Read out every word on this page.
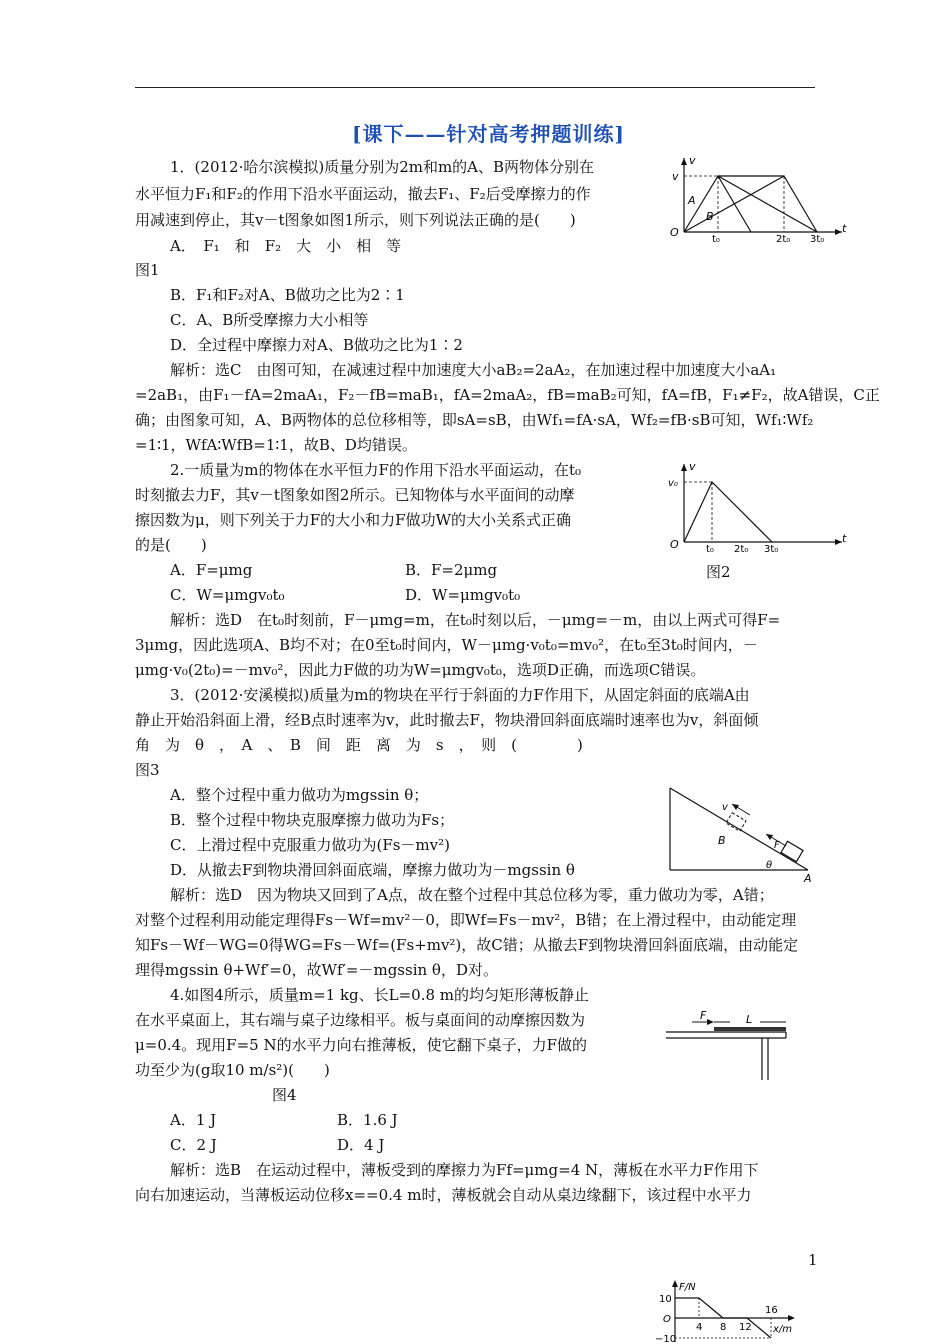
[课下——针对高考押题训练]
1．(2012·哈尔滨模拟)质量分别为2m和m的A、B两物体分别在
水平恒力F₁和F₂的作用下沿水平面运动，撤去F₁、F₂后受摩擦力的作
用减速到停止，其v－t图象如图1所示，则下列说法正确的是(　　)
A．　F₁　和　F₂　大　小　相　等
图1
B．F₁和F₂对A、B做功之比为2∶1
C．A、B所受摩擦力大小相等
D．全过程中摩擦力对A、B做功之比为1∶2
解析：选C　由图可知，在减速过程中加速度大小aB₂=2aA₂，在加速过程中加速度大小aA₁
=2aB₁，由F₁－fA=2maA₁，F₂－fB=maB₁，fA=2maA₂，fB=maB₂可知，fA=fB，F₁≠F₂，故A错误，C正
确；由图象可知，A、B两物体的总位移相等，即sA=sB，由Wf₁=fA·sA，Wf₂=fB·sB可知，Wf₁∶Wf₂
=1∶1，WfA∶WfB=1∶1，故B、D均错误。
2.一质量为m的物体在水平恒力F的作用下沿水平面运动，在t₀
时刻撤去力F，其v－t图象如图2所示。已知物体与水平面间的动摩
擦因数为μ，则下列关于力F的大小和力F做功W的大小关系式正确
的是(　　)
A．F=μmg	B．F=2μmg	图2
C．W=μmgv₀t₀	D．W=μmgv₀t₀
解析：选D　在t₀时刻前，F－μmg=m，在t₀时刻以后，－μmg=－m，由以上两式可得F=
3μmg，因此选项A、B均不对；在0至t₀时间内，W－μmg·v₀t₀=mv₀²，在t₀至3t₀时间内，－
μmg·v₀(2t₀)=－mv₀²，因此力F做的功为W=μmgv₀t₀，选项D正确，而选项C错误。
3．(2012·安溪模拟)质量为m的物块在平行于斜面的力F作用下，从固定斜面的底端A由
静止开始沿斜面上滑，经B点时速率为v，此时撤去F，物块滑回斜面底端时速率也为v，斜面倾
角　为　θ　，　A　、　B　间　距　离　为　s　，　则　(　　　　)
图3
A．整个过程中重力做功为mgssin θ；
B．整个过程中物块克服摩擦力做功为Fs；
C．上滑过程中克服重力做功为(Fs－mv²)
D．从撤去F到物块滑回斜面底端，摩擦力做功为－mgssin θ
解析：选D　因为物块又回到了A点，故在整个过程中其总位移为零，重力做功为零，A错；
对整个过程利用动能定理得Fs－Wf=mv²－0，即Wf=Fs－mv²，B错；在上滑过程中，由动能定理
知Fs－Wf－WG=0得WG=Fs－Wf=(Fs+mv²)，故C错；从撤去F到物块滑回斜面底端，由动能定
理得mgssin θ+Wf′=0，故Wf′=－mgssin θ，D对。
4.如图4所示，质量m=1 kg、长L=0.8 m的均匀矩形薄板静止
在水平桌面上，其右端与桌子边缘相平。板与桌面间的动摩擦因数为
μ=0.4。现用F=5 N的水平力向右推薄板，使它翻下桌子，力F做的
功至少为(g取10 m/s²)(　　)
图4
A．1 J	B．1.6 J
C．2 J	D．4 J
解析：选B　在运动过程中，薄板受到的摩擦力为Ff=μmg=4 N，薄板在水平力F作用下
向右加速运动，当薄板运动位移x==0.4 m时，薄板就会自动从桌边缘翻下，该过程中水平力
v
v
t
O
A
B
t₀	2t₀ 3t₀
v
v₀
t
O	t₀ 2t₀ 3t₀
v
B	F
θ
A
F	L
1
F/N
10
O
−10
4 8 12
16
x/m
